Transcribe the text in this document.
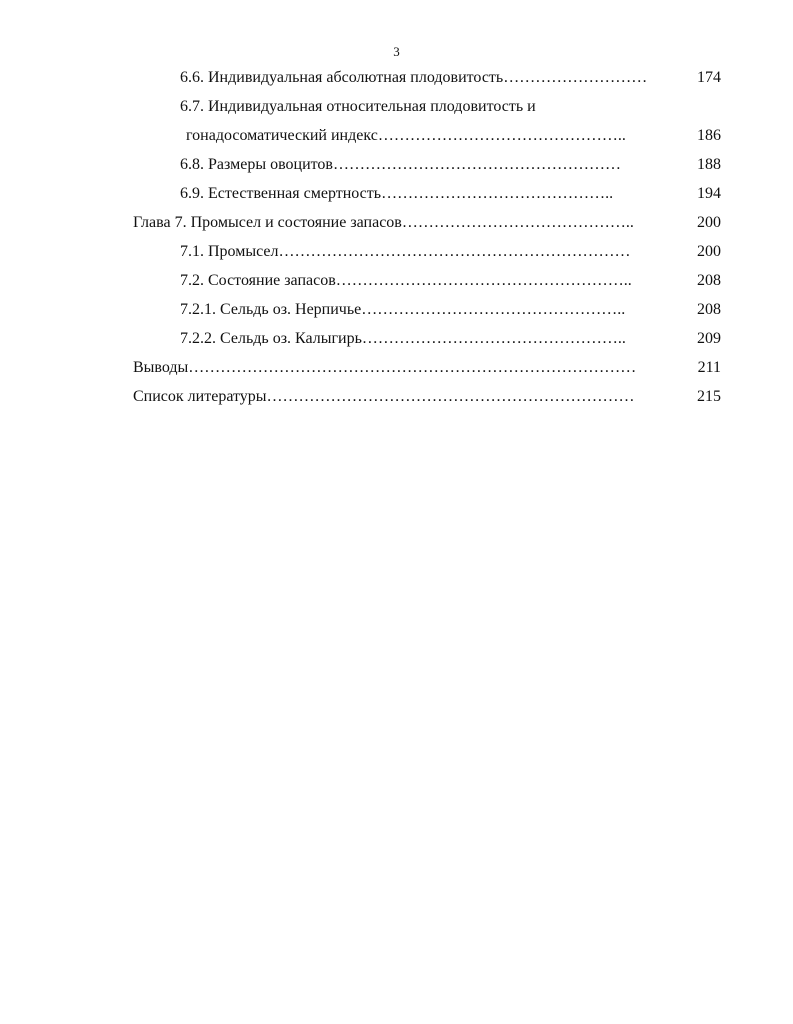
3
6.6. Индивидуальная абсолютная плодовитость………………………	174
6.7. Индивидуальная относительная плодовитость и
гонадосоматический индекс………………………………………..	186
6.8. Размеры овоцитов………………………………………………	188
6.9. Естественная смертность……………………………………..	194
Глава 7. Промысел и состояние запасов……………………………………..	200
7.1. Промысел…………………………………………………………	200
7.2. Состояние запасов………………………………………………..	208
7.2.1. Сельдь оз. Нерпичье…………………………………………..	208
7.2.2. Сельдь оз. Калыгирь…………………………………………..	209
Выводы…………………………………………………………………………	211
Список литературы……………………………………………………………	215
